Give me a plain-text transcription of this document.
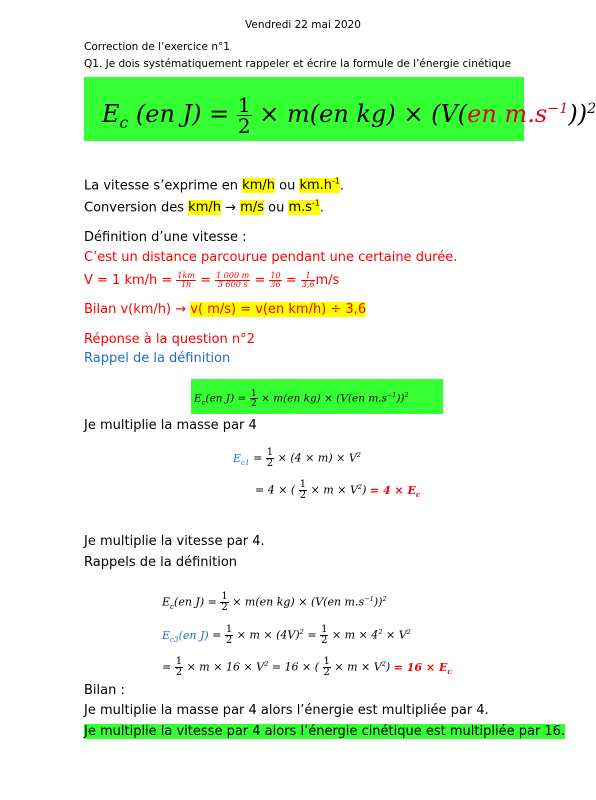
Vendredi 22 mai 2020
Correction de l’exercice n°1
Q1. Je dois systématiquement rappeler et écrire la formule de l’énergie cinétique
$E_c$ (en $J) = \frac{1}{2} \times m(en$ kg) × (V(en $m.s^{-1}))^2$
La vitesse s’exprime en km/h ou $km.h^{-1}$.
Conversion des km/h → m/s ou $m.s^{-1}$.
Définition d’une vitesse :
C’est un distance parcourue pendant une certaine durée.
V = 1 $km/h = \frac{1km}{1h} = \frac{1 000 m}{3 600 s} = \frac{10}{36} = \frac{1}{3,6} m/s$
Bilan v(km/h) → v( m/s) = v(en km/h) ÷ 3,6
Réponse à la question n°2
Rappel de la définition
$E_c(en$ $J) = \frac{1}{2} \times m(en$ kg) × (V(en $m.s^{-1}))^2$
Je multiplie la masse par 4
$E_{c1} = \frac{1}{2} \times (4 \times m) \times V^2$
= 4 × ( $\frac{1}{2} \times m \times V^2) = 4 \times E_c$
Je multiplie la vitesse par 4.
Rappels de la définition
$E_c(en$ $J) = \frac{1}{2} \times m(en$ kg) × (V(en $m.s^{-1}))^2$
$E_{c3}(en$ $J) = \frac{1}{2} \times m \times (4V)^2 = \frac{1}{2} \times m \times 4^2 \times V^2$
= $\frac{1}{2} \times m \times 16 \times V^2 = 16$ × ( $\frac{1}{2} \times m \times V^2) = 16 \times E_c$
Bilan :
Je multiplie la masse par 4 alors l’énergie est multipliée par 4.
Je multiplie la vitesse par 4 alors l’énergie cinétique est multipliée par 16.
